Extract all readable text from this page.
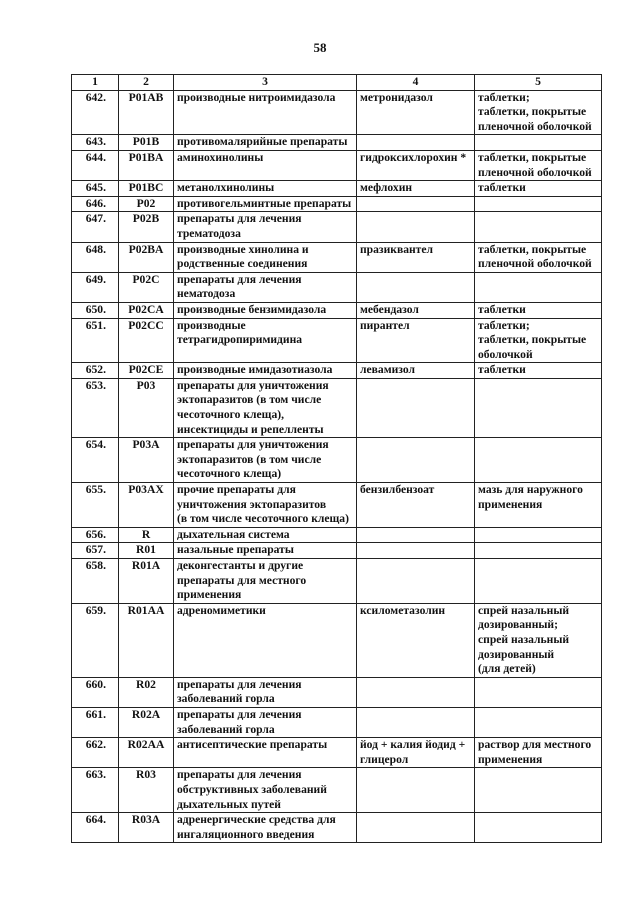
58
1	2	3	4	5
642.	P01AB	производные нитроимидазола	метронидазол	таблетки;
таблетки, покрытые
пленочной оболочкой
643.	P01B	противомалярийные препараты		
644.	P01BA	аминохинолины	гидроксихлорохин *	таблетки, покрытые
пленочной оболочкой
645.	P01BC	метанолхинолины	мефлохин	таблетки
646.	P02	противогельминтные препараты		
647.	P02B	препараты для лечения
трематодоза		
648.	P02BA	производные хинолина и
родственные соединения	празиквантел	таблетки, покрытые
пленочной оболочкой
649.	P02C	препараты для лечения
нематодоза		
650.	P02CA	производные бензимидазола	мебендазол	таблетки
651.	P02CC	производные
тетрагидропиримидина	пирантел	таблетки;
таблетки, покрытые
оболочкой
652.	P02CE	производные имидазотиазола	левамизол	таблетки
653.	P03	препараты для уничтожения
эктопаразитов (в том числе
чесоточного клеща),
инсектициды и репелленты		
654.	P03A	препараты для уничтожения
эктопаразитов (в том числе
чесоточного клеща)		
655.	P03AX	прочие препараты для
уничтожения эктопаразитов
(в том числе чесоточного клеща)	бензилбензоат	мазь для наружного
применения
656.	R	дыхательная система		
657.	R01	назальные препараты		
658.	R01A	деконгестанты и другие
препараты для местного
применения		
659.	R01AA	адреномиметики	ксилометазолин	спрей назальный
дозированный;
спрей назальный
дозированный
(для детей)
660.	R02	препараты для лечения
заболеваний горла		
661.	R02A	препараты для лечения
заболеваний горла		
662.	R02AA	антисептические препараты	йод + калия йодид +
глицерол	раствор для местного
применения
663.	R03	препараты для лечения
обструктивных заболеваний
дыхательных путей		
664.	R03A	адренергические средства для
ингаляционного введения		
